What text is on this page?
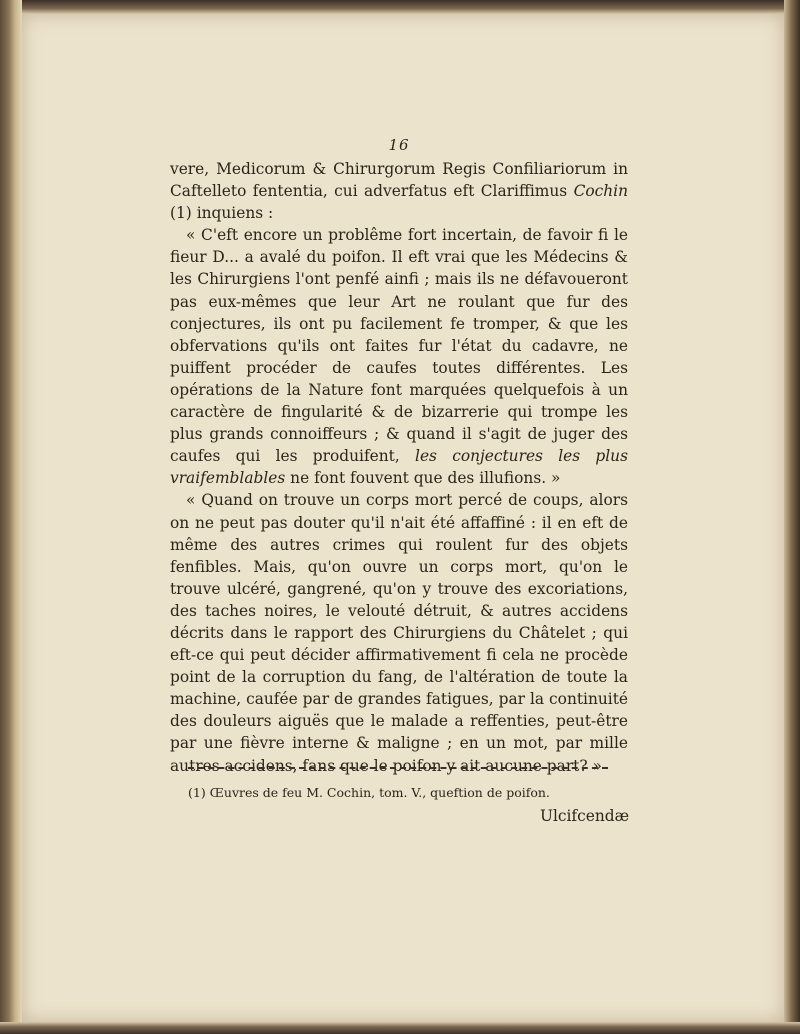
16

vere, Medicorum & Chirurgorum Regis Confiliariorum in Caftelleto fententia, cui adverfatus eft Clariffimus Cochin (1) inquiens :

« C'eft encore un problême fort incertain, de favoir fi le fieur D... a avalé du poifon. Il eft vrai que les Médecins & les Chirurgiens l'ont penfé ainfi ; mais ils ne défavoueront pas eux-mêmes que leur Art ne roulant que fur des conjectures, ils ont pu facilement fe tromper, & que les obfervations qu'ils ont faites fur l'état du cadavre, ne puiffent procéder de caufes toutes différentes. Les opérations de la Nature font marquées quelquefois à un caractère de fingularité & de bizarrerie qui trompe les plus grands connoiffeurs ; & quand il s'agit de juger des caufes qui les produifent, les conjectures les plus vraifemblables ne font fouvent que des illufions. »

« Quand on trouve un corps mort percé de coups, alors on ne peut pas douter qu'il n'ait été affaffiné : il en eft de même des autres crimes qui roulent fur des objets fenfibles. Mais, qu'on ouvre un corps mort, qu'on le trouve ulcéré, gangrené, qu'on y trouve des excoriations, des taches noires, le velouté détruit, & autres accidens décrits dans le rapport des Chirurgiens du Châtelet ; qui eft-ce qui peut décider affirmativement fi cela ne procède point de la corruption du fang, de l'altération de toute la machine, caufée par de grandes fatigues, par la continuité des douleurs aiguës que le malade a reffenties, peut-être par une fièvre interne & maligne ; en un mot, par mille autres accidens, fans que le poifon y ait aucune part? »

(1) Œuvres de feu M. Cochin, tom. V., queftion de poifon.

Ulcifcendæ
